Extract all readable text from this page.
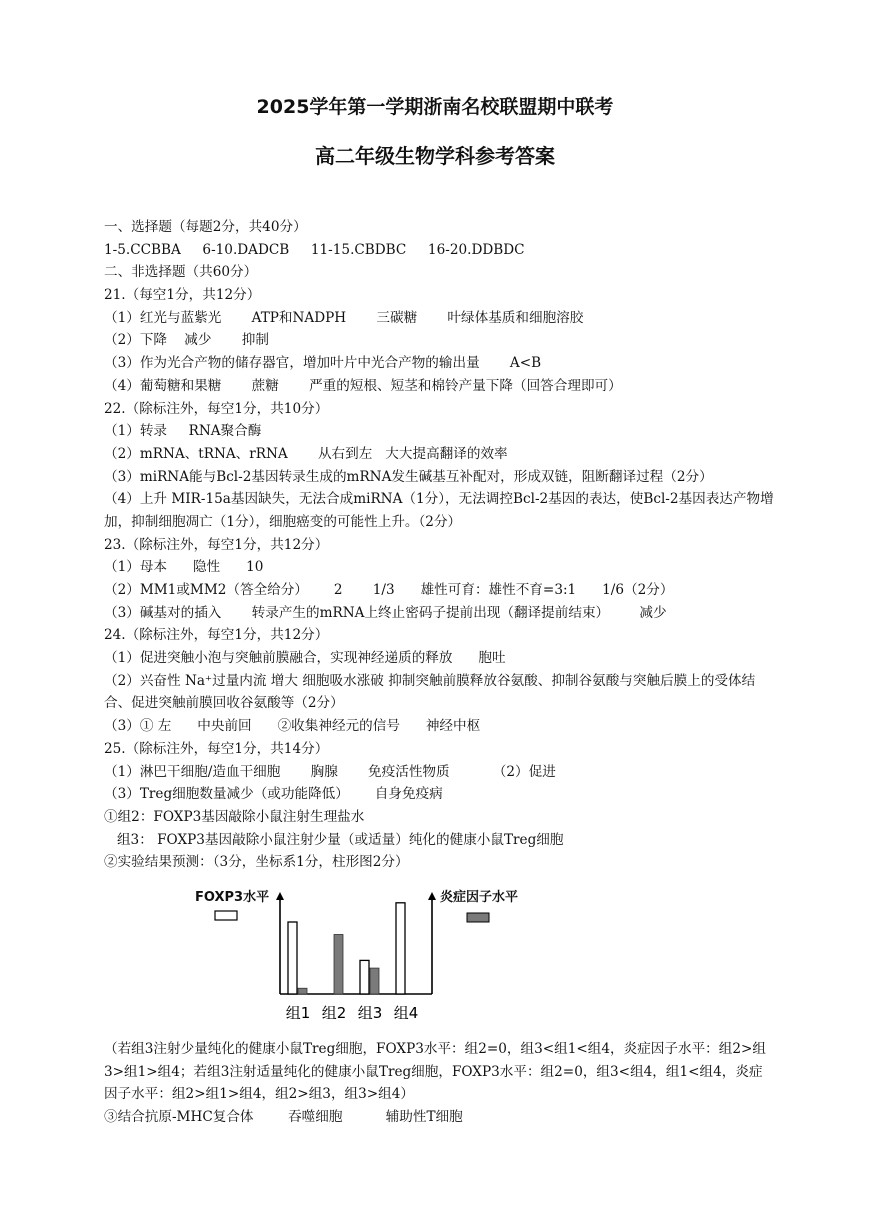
2025学年第一学期浙南名校联盟期中联考
高二年级生物学科参考答案
一、选择题（每题2分，共40分）
1-5.CCBBA     6-10.DADCB     11-15.CBDBC     16-20.DDBDC
二、非选择题（共60分）
21.（每空1分，共12分）
（1）红光与蓝紫光       ATP和NADPH       三碳糖       叶绿体基质和细胞溶胶
（2）下降    减少       抑制
（3）作为光合产物的储存器官，增加叶片中光合产物的输出量       A<B
（4）葡萄糖和果糖       蔗糖       严重的短根、短茎和棉铃产量下降（回答合理即可）
22.（除标注外，每空1分，共10分）
（1）转录     RNA聚合酶
（2）mRNA、tRNA、rRNA       从右到左   大大提高翻译的效率
（3）miRNA能与Bcl-2基因转录生成的mRNA发生碱基互补配对，形成双链，阻断翻译过程（2分）
（4）上升 MIR-15a基因缺失，无法合成miRNA（1分），无法调控Bcl-2基因的表达，使Bcl-2基因表达产物增加，抑制细胞凋亡（1分），细胞癌变的可能性上升。（2分）
23.（除标注外，每空1分，共12分）
（1）母本      隐性      10
（2）MM1或MM2（答全给分）      2       1/3      雄性可育：雄性不育=3:1      1/6（2分）
（3）碱基对的插入       转录产生的mRNA上终止密码子提前出现（翻译提前结束）       减少
24.（除标注外，每空1分，共12分）
（1）促进突触小泡与突触前膜融合，实现神经递质的释放      胞吐
（2）兴奋性 Na⁺过量内流 增大 细胞吸水涨破 抑制突触前膜释放谷氨酸、抑制谷氨酸与突触后膜上的受体结合、促进突触前膜回收谷氨酸等（2分）
（3）① 左      中央前回      ②收集神经元的信号      神经中枢
25.（除标注外，每空1分，共14分）
（1）淋巴干细胞/造血干细胞       胸腺       免疫活性物质          （2）促进
（3）Treg细胞数量减少（或功能降低）      自身免疫病
①组2：FOXP3基因敲除小鼠注射生理盐水
组3： FOXP3基因敲除小鼠注射少量（或适量）纯化的健康小鼠Treg细胞
②实验结果预测：（3分，坐标系1分，柱形图2分）
FOXP3水平	炎症因子水平
组1 组2 组3 组4
（若组3注射少量纯化的健康小鼠Treg细胞，FOXP3水平：组2=0，组3<组1<组4，炎症因子水平：组2>组3>组1>组4；若组3注射适量纯化的健康小鼠Treg细胞，FOXP3水平：组2=0，组3<组4，组1<组4，炎症因子水平：组2>组1>组4，组2>组3，组3>组4）
③结合抗原-MHC复合体        吞噬细胞          辅助性T细胞
